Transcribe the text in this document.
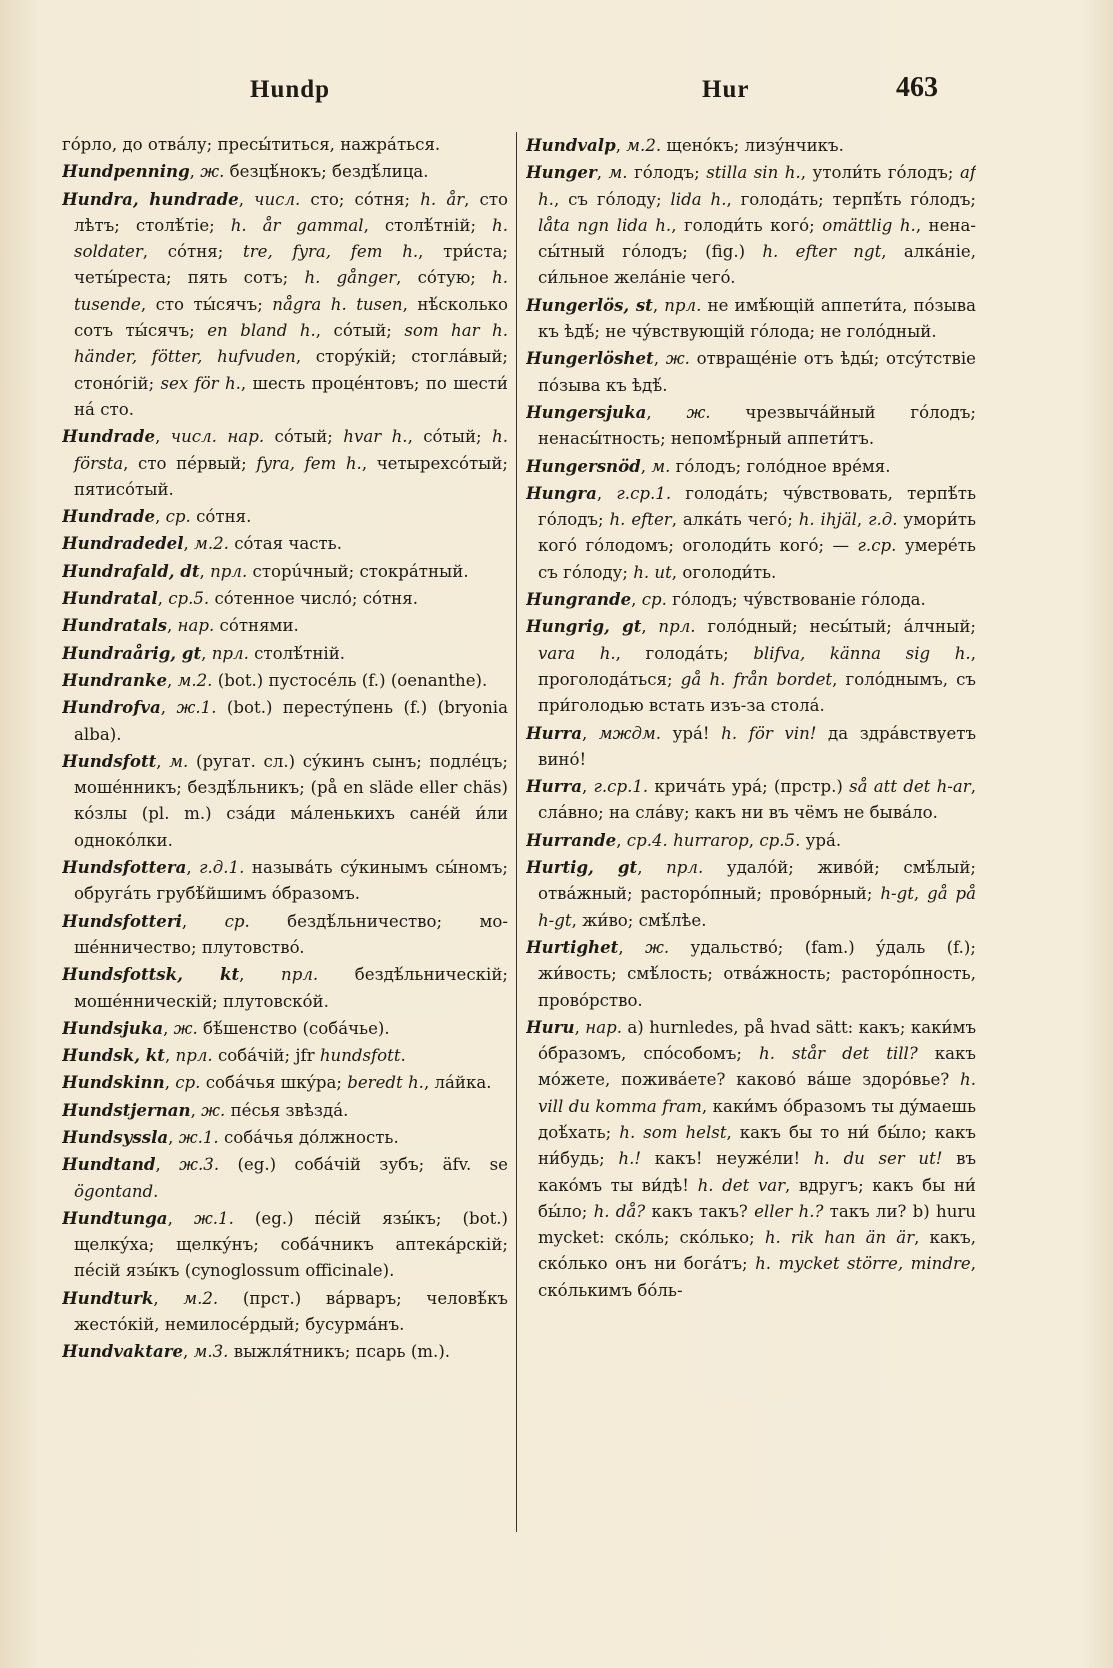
Hundp	Hur	463

гóрло, до отвáлу; пресы́титься, нажрáться.

Hundpenning, ж. безцѣ́нокъ; бездѣ́лица.

Hundra, hundrade, числ. сто; сóтня; h. år, сто лѣтъ; столѣ́тіе; h. år gammal, столѣ́тній; h. soldater, сóтня; tre, fyra, fem h., три́ста; четы́реста; пять сотъ; h. gånger, сóтую; h. tusende, сто ты́сячъ; några h. tusen, нѣ́сколько сотъ ты́сячъ; en bland h., сóтый; som har h. händer, fötter, hufvuden, сторýкій; стоглáвый; стонóгій; sex för h., шесть процéнтовъ; по шести́ нá сто.

Hundrade, числ. нар. сóтый; hvar h., сóтый; h. första, сто пéрвый; fyra, fem h., четырехсóтый; пятисóтый.

Hundrade, ср. сóтня.

Hundradedel, м.2. сóтая часть.

Hundrafald, dt, прл. сторúчный; стокрáтный.

Hundratal, ср.5. сóтенное числó; сóтня.

Hundratals, нар. сóтнями.

Hundraårig, gt, прл. столѣ́тній.

Hundranke, м.2. (bot.) пустосéль (f.) (oenanthe).

Hundrofva, ж.1. (bot.) перестýпень (f.) (bryonia alba).

Hundsfott, м. (ругат. сл.) сýкинъ сынъ; подлéцъ; мошéнникъ; бездѣ́льникъ; (på en släde eller chäs) кóзлы (pl. m.) сзáди мáленькихъ санéй и́ли однокóлки.

Hundsfottera, г.д.1. называ́ть сýкинымъ сы́номъ; обругáть грубѣ́йшимъ óбразомъ.

Hundsfotteri, ср. бездѣ́льничество; мошéнничество; плутовствó.

Hundsfottsk, kt, прл. бездѣ́льническій; мошéнническій; плутовскóй.

Hundsjuka, ж. бѣ́шенство (собáчье).

Hundsk, kt, прл. собáчій; jfr hundsfott.

Hundskinn, ср. собáчья шкýра; beredt h., лáйка.

Hundstjernan, ж. пéсья звѣздá.

Hundsyssla, ж.1. собáчья дóлжность.

Hundtand, ж.3. (eg.) собáчій зубъ; äfv. se ögontand.

Hundtunga, ж.1. (eg.) пéсій язы́къ; (bot.) щелкýха; щелкýнъ; собáчникъ аптекáрскій; пéсій язы́къ (cynoglossum officinale).

Hundturk, м.2. (прст.) вáрваръ; человѣ́къ жестóкій, немилосéрдый; бусурмáнъ.

Hundvaktare, м.3. выжля́тникъ; псарь (m.).

Hundvalp, м.2. щенóкъ; лизýнчикъ.

Hunger, м. гóлодъ; stilla sin h., утоли́ть гóлодъ; af h., съ гóлоду; lida h., голодáть; терпѣ́ть гóлодъ; låta ngn lida h., голоди́ть когó; omättlig h., ненасы́тный гóлодъ; (fig.) h. efter ngt, алкáніе, си́льное желáніе чегó.

Hungerlös, st, прл. не имѣ́ющій аппети́та, пóзыва къ ѣдѣ́; не чýвствующій гóлода; не голóдный.

Hungerlöshet, ж. отвращéніе отъ ѣды́; отсýтствіе пóзыва къ ѣдѣ́.

Hungersjuka, ж. чрезвычáйный гóлодъ; ненасы́тность; непомѣ́рный аппети́тъ.

Hungersnöd, м. гóлодъ; голóдное врéмя.

Hungra, г.ср.1. голодáть; чýвствовать, терпѣ́ть гóлодъ; h. efter, алкáть чегó; h. ihjäl, г.д. умори́ть когó гóлодомъ; оголоди́ть когó; — г.ср. умерéть съ гóлоду; h. ut, оголоди́ть.

Hungrande, ср. гóлодъ; чýвствованіе гóлода.

Hungrig, gt, прл. голóдный; несы́тый; áлчный; vara h., голодáть; blifva, känna sig h., проголодáться; gå h. från bordet, голóднымъ, съ при́голодью встать изъ-за столá.

Hurra, мждм. урá! h. för vin! да здрáвствуетъ винó!

Hurra, г.ср.1. кричáть урá; (прстр.) så att det h-ar, слáвно; на слáву; какъ ни въ чёмъ не бывáло.

Hurrande, ср.4. hurrarop, ср.5. урá.

Hurtig, gt, прл. удалóй; живóй; смѣ́лый; отвáжный; расторóпный; провóрный; h-gt, gå på h-gt, жи́во; смѣ́лѣе.

Hurtighet, ж. удальствó; (fam.) ýдаль (f.); жи́вость; смѣ́лость; отвáжность; расторóпность, провóрство.

Huru, нар. a) hurnledes, på hvad sätt: какъ; каки́мъ óбразомъ, спóсобомъ; h. står det till? какъ мóжете, поживáете? каковó вáше здорóвье? h. vill du komma fram, каки́мъ óбразомъ ты дýмаешь доѣ́хать; h. som helst, какъ бы то ни́ бы́ло; какъ ни́будь; h.! какъ! неужéли! h. du ser ut! въ какóмъ ты ви́дѣ! h. det var, вдругъ; какъ бы ни́ бы́ло; h. då? какъ такъ? eller h.? такъ ли? b) huru mycket: скóль; скóлько; h. rik han än är, какъ, скóлько онъ ни богáтъ; h. mycket större, mindre, скóлькимъ бóль-
